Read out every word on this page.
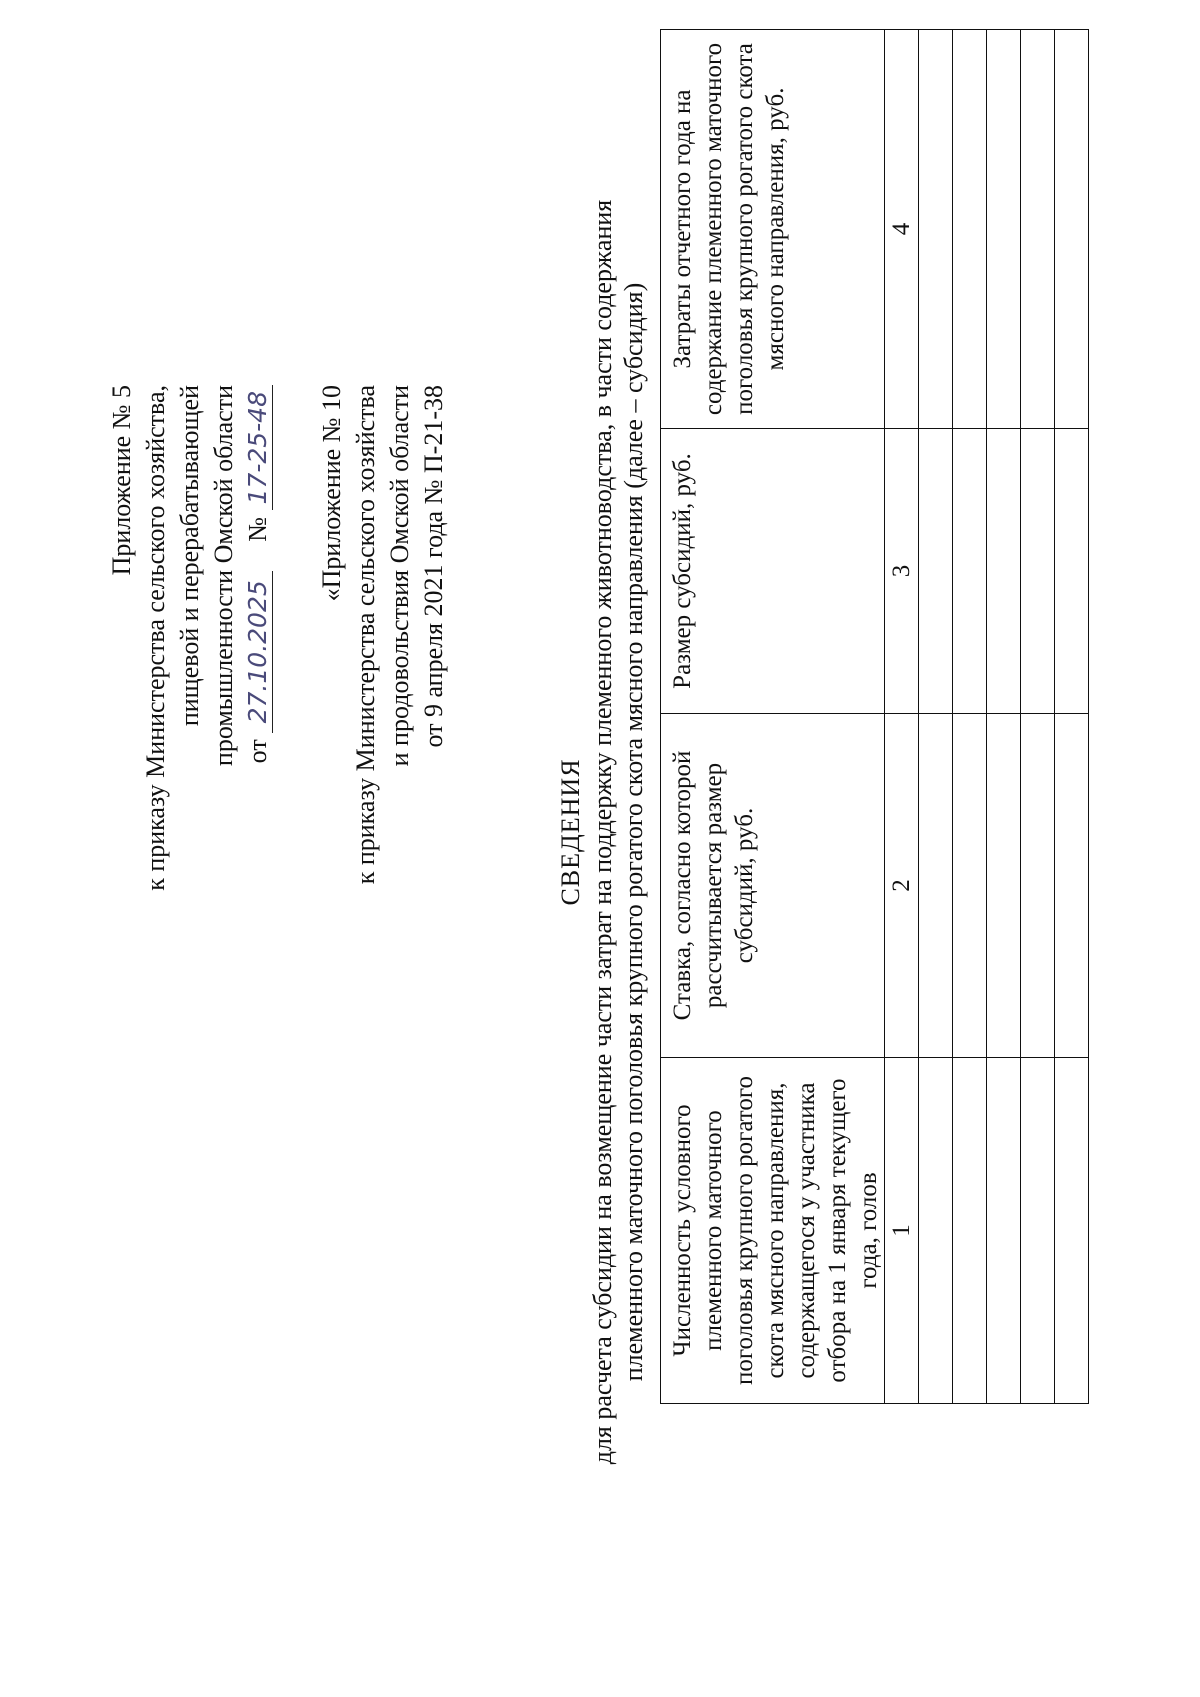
Приложение № 5 к приказу Министерства сельского хозяйства, пищевой и перерабатывающей промышленности Омской области от 27.10.2025  № 17-25-48 «Приложение № 10 к приказу Министерства сельского хозяйства и продовольствия Омской области от 9 апреля 2021 года № П-21-38
СВЕДЕНИЯ для расчета субсидии на возмещение части затрат на поддержку племенного животноводства, в части содержания племенного маточного поголовья крупного рогатого скота мясного направления (далее – субсидия) Численность условного племенного маточного поголовья крупного рогатого скота мясного направления, содержащегося у участника отбора на 1 января текущего года, голов	Ставка, согласно которой рассчитывается размер субсидий, руб.	Размер субсидий, руб.	Затраты отчетного года на содержание племенного маточного поголовья крупного рогатого скота мясного направления, руб.
1	2	3	4
